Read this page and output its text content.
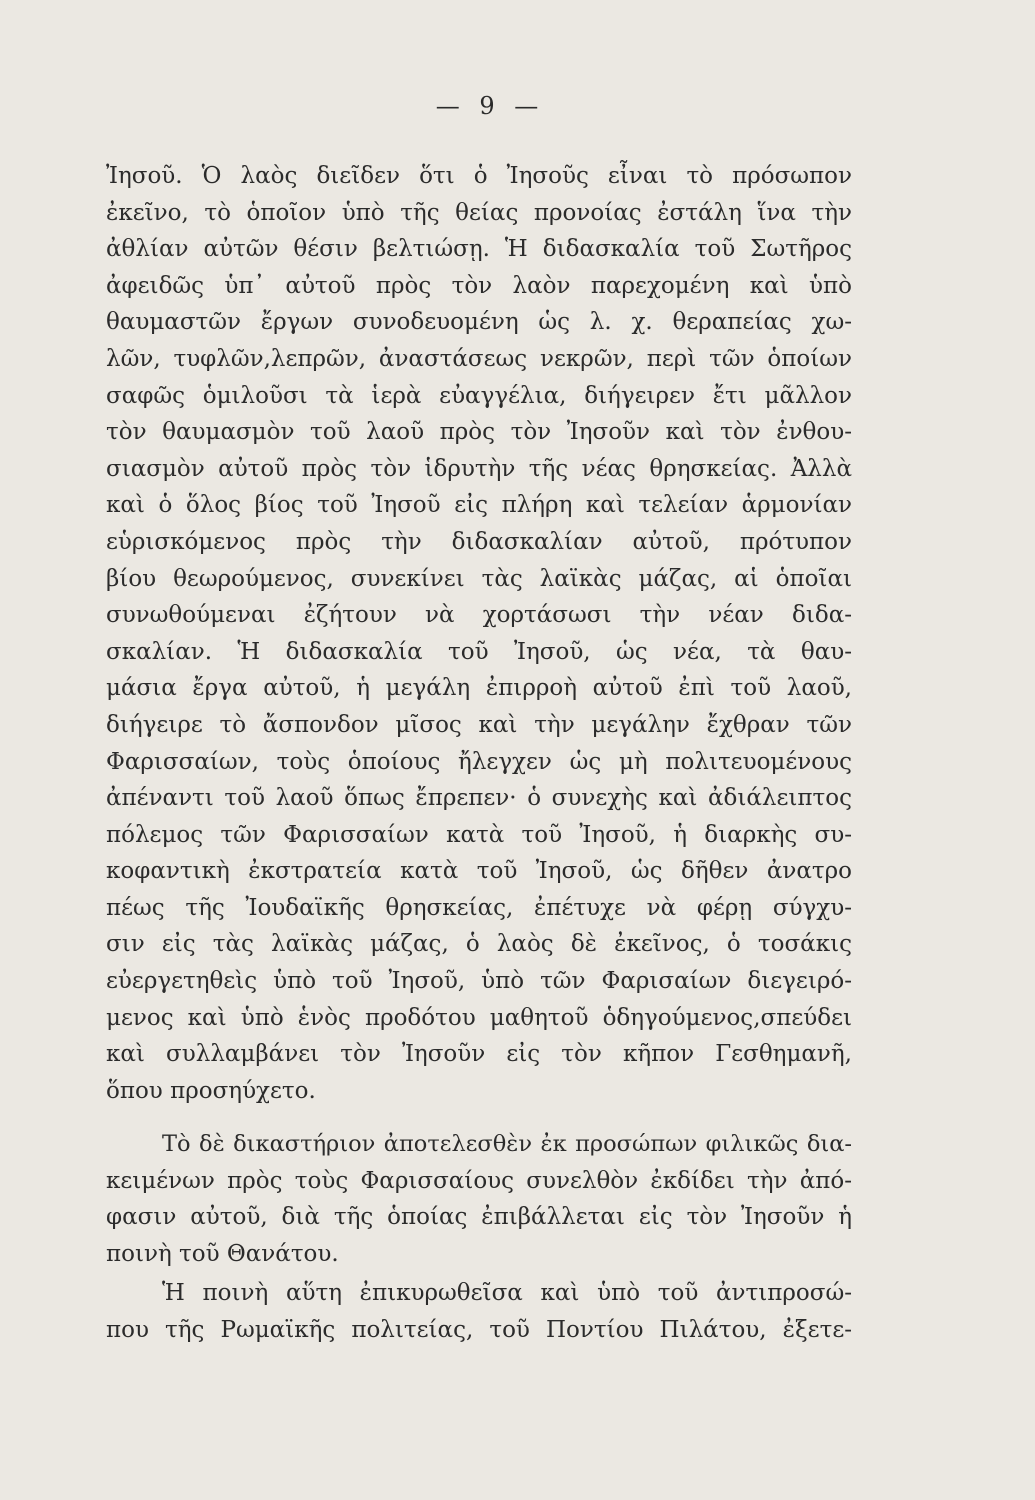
— 9 —
Ἰησοῦ. Ὁ λαὸς διεῖδεν ὅτι ὁ Ἰησοῦς εἶναι τὸ πρόσωπον
ἐκεῖνο, τὸ ὁποῖον ὑπὸ τῆς θείας προνοίας ἐστάλη ἵνα τὴν
ἀθλίαν αὐτῶν θέσιν βελτιώσῃ. Ἡ διδασκαλία τοῦ Σωτῆρος
ἀφειδῶς ὑπ᾽ αὐτοῦ πρὸς τὸν λαὸν παρεχομένη καὶ ὑπὸ
θαυμαστῶν ἔργων συνοδευομένη ὡς λ. χ. θεραπείας χω-
λῶν, τυφλῶν,λεπρῶν, ἀναστάσεως νεκρῶν, περὶ τῶν ὁποίων
σαφῶς ὁμιλοῦσι τὰ ἱερὰ εὐαγγέλια, διήγειρεν ἔτι μᾶλλον
τὸν θαυμασμὸν τοῦ λαοῦ πρὸς τὸν Ἰησοῦν καὶ τὸν ἐνθου-
σιασμὸν αὐτοῦ πρὸς τὸν ἱδρυτὴν τῆς νέας θρησκείας. Ἀλλὰ
καὶ ὁ ὅλος βίος τοῦ Ἰησοῦ εἰς πλήρη καὶ τελείαν ἁρμονίαν
εὑρισκόμενος πρὸς τὴν διδασκαλίαν αὐτοῦ, πρότυπον
βίου θεωρούμενος, συνεκίνει τὰς λαϊκὰς μάζας, αἱ ὁποῖαι
συνωθούμεναι ἐζήτουν νὰ χορτάσωσι τὴν νέαν διδα-
σκαλίαν. Ἡ διδασκαλία τοῦ Ἰησοῦ, ὡς νέα, τὰ θαυ-
μάσια ἔργα αὐτοῦ, ἡ μεγάλη ἐπιρροὴ αὐτοῦ ἐπὶ τοῦ λαοῦ,
διήγειρε τὸ ἄσπονδον μῖσος καὶ τὴν μεγάλην ἔχθραν τῶν
Φαρισσαίων, τοὺς ὁποίους ἤλεγχεν ὡς μὴ πολιτευομένους
ἀπέναντι τοῦ λαοῦ ὅπως ἔπρεπεν· ὁ συνεχὴς καὶ ἀδιάλειπτος
πόλεμος τῶν Φαρισσαίων κατὰ τοῦ Ἰησοῦ, ἡ διαρκὴς συ-
κοφαντικὴ ἐκστρατεία κατὰ τοῦ Ἰησοῦ, ὡς δῆθεν ἀνατρο
πέως τῆς Ἰουδαϊκῆς θρησκείας, ἐπέτυχε νὰ φέρῃ σύγχυ-
σιν εἰς τὰς λαϊκὰς μάζας, ὁ λαὸς δὲ ἐκεῖνος, ὁ τοσάκις
εὐεργετηθεὶς ὑπὸ τοῦ Ἰησοῦ, ὑπὸ τῶν Φαρισαίων διεγειρό-
μενος καὶ ὑπὸ ἑνὸς προδότου μαθητοῦ ὁδηγούμενος,σπεύδει
καὶ συλλαμβάνει τὸν Ἰησοῦν εἰς τὸν κῆπον Γεσθημανῆ,
ὅπου προσηύχετο.
Τὸ δὲ δικαστήριον ἀποτελεσθὲν ἐκ προσώπων φιλικῶς δια-
κειμένων πρὸς τοὺς Φαρισσαίους συνελθὸν ἐκδίδει τὴν ἀπό-
φασιν αὐτοῦ, διὰ τῆς ὁποίας ἐπιβάλλεται εἰς τὸν Ἰησοῦν ἡ
ποινὴ τοῦ Θανάτου.
Ἡ ποινὴ αὕτη ἐπικυρωθεῖσα καὶ ὑπὸ τοῦ ἀντιπροσώ-
που τῆς Ρωμαϊκῆς πολιτείας, τοῦ Ποντίου Πιλάτου, ἐξετε-
